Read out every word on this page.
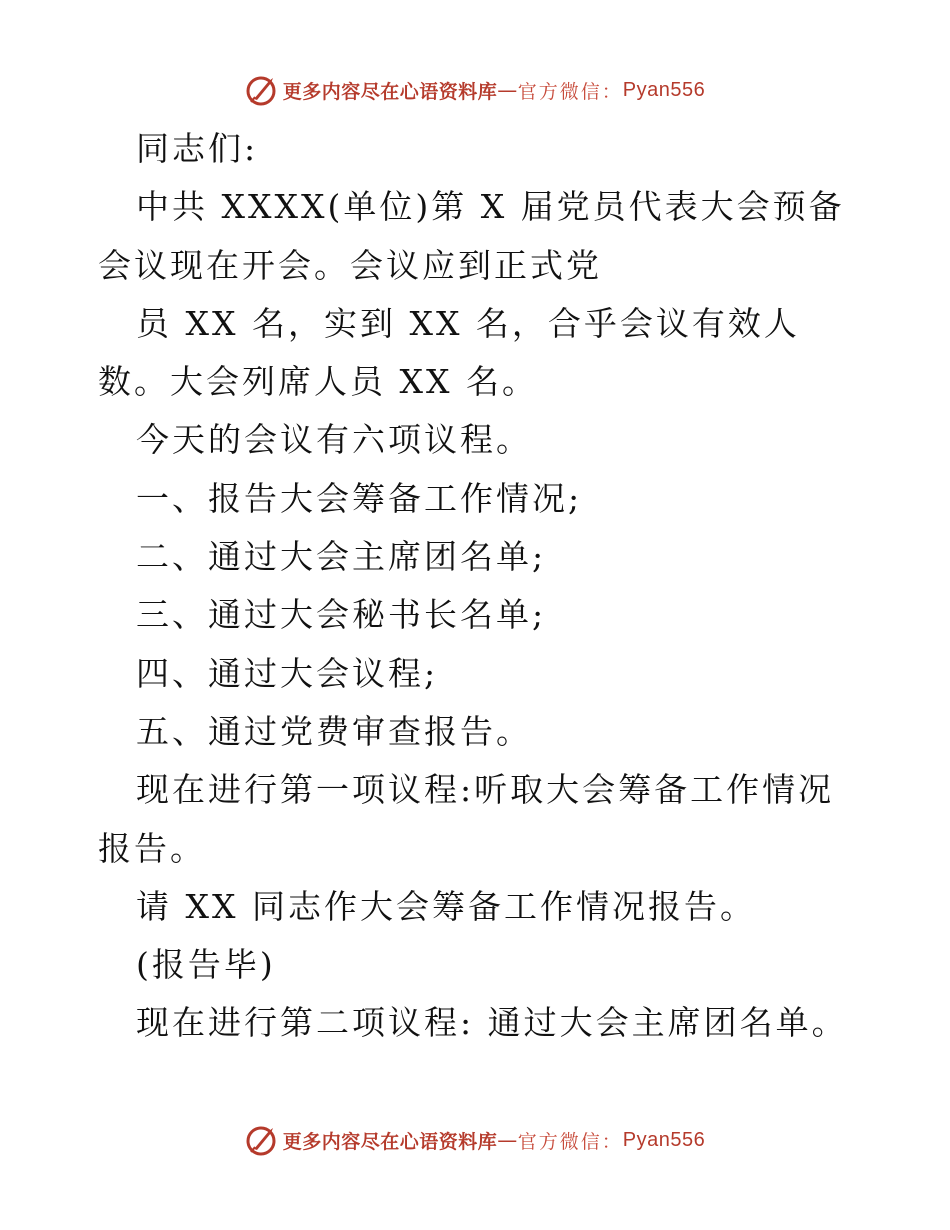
更多内容尽在心语资料库 — 官方微信： Pyan556

同志们:

中共 XXXX(单位)第 X 届党员代表大会预备会议现在开会。会议应到正式党

员 XX 名，实到 XX 名，合乎会议有效人数。大会列席人员 XX 名。

今天的会议有六项议程。

一、报告大会筹备工作情况;

二、通过大会主席团名单;

三、通过大会秘书长名单;

四、通过大会议程;

五、通过党费审查报告。

现在进行第一项议程:听取大会筹备工作情况报告。

请 XX 同志作大会筹备工作情况报告。

(报告毕)

现在进行第二项议程: 通过大会主席团名单。

更多内容尽在心语资料库 — 官方微信： Pyan556
